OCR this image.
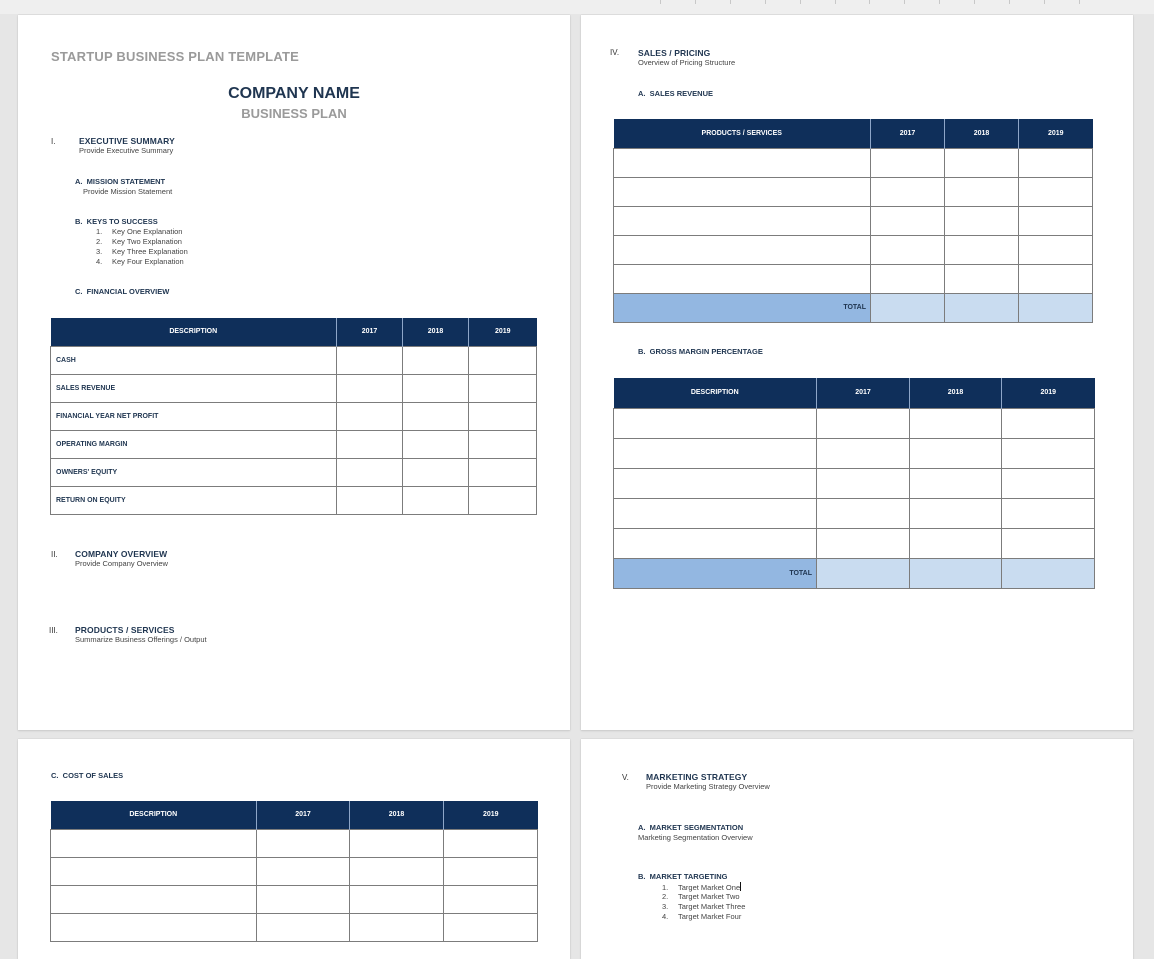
STARTUP BUSINESS PLAN TEMPLATE
COMPANY NAME
BUSINESS PLAN
I.	EXECUTIVE SUMMARY
Provide Executive Summary
A. MISSION STATEMENT
Provide Mission Statement
B. KEYS TO SUCCESS
1. Key One Explanation
2. Key Two Explanation
3. Key Three Explanation
4. Key Four Explanation
C. FINANCIAL OVERVIEW
DESCRIPTION	2017	2018	2019
CASH			
SALES REVENUE			
FINANCIAL YEAR NET PROFIT			
OPERATING MARGIN			
OWNERS' EQUITY			
RETURN ON EQUITY			
II. COMPANY OVERVIEW
Provide Company Overview
III. PRODUCTS / SERVICES
Summarize Business Offerings / Output
IV. SALES / PRICING
Overview of Pricing Structure
A. SALES REVENUE
PRODUCTS / SERVICES	2017	2018	2019

TOTAL			
B. GROSS MARGIN PERCENTAGE
DESCRIPTION	2017	2018	2019

TOTAL			
C. COST OF SALES
DESCRIPTION	2017	2018	2019

V. MARKETING STRATEGY
Provide Marketing Strategy Overview
A. MARKET SEGMENTATION
Marketing Segmentation Overview
B. MARKET TARGETING
1. Target Market One
2. Target Market Two
3. Target Market Three
4. Target Market Four
